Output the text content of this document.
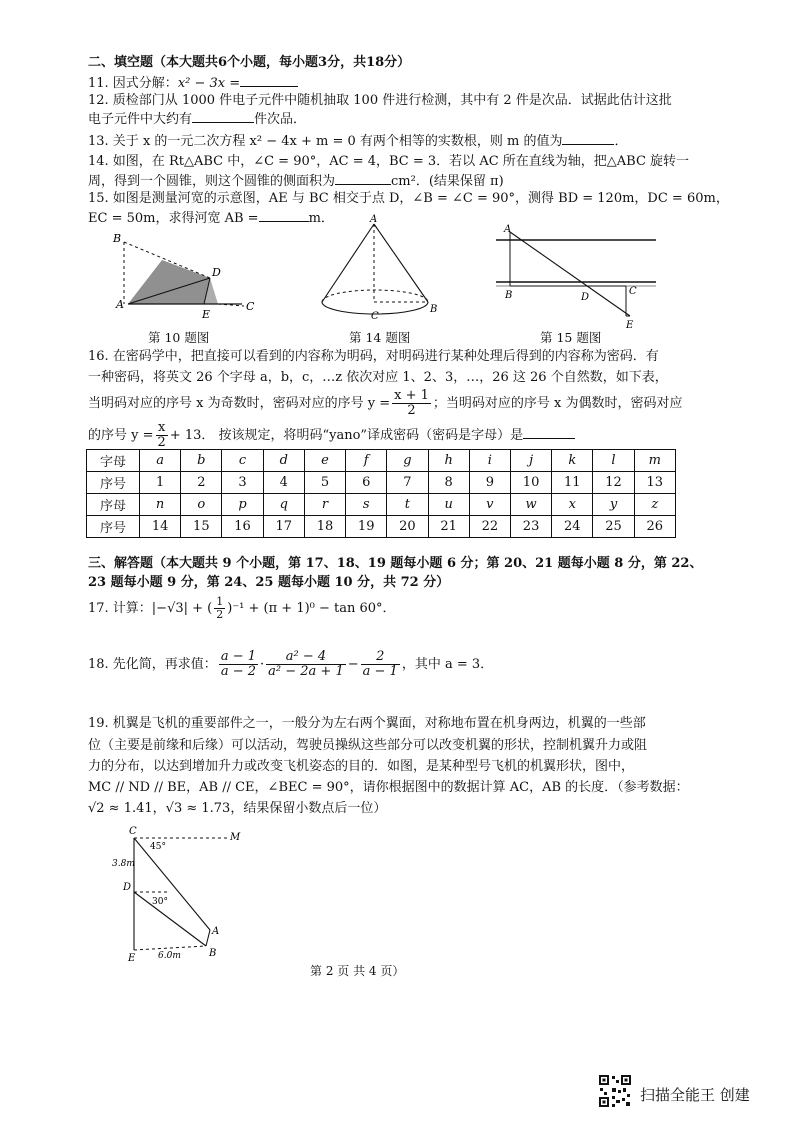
二、填空题（本大题共6个小题，每小题3分，共18分）
11. 因式分解：x² − 3x =
12. 质检部门从 1000 件电子元件中随机抽取 100 件进行检测，其中有 2 件是次品．试据此估计这批
电子元件中大约有	件次品．
13. 关于 x 的一元二次方程 x² − 4x + m = 0 有两个相等的实数根，则 m 的值为	．
14. 如图，在 Rt△ABC 中，∠C = 90°，AC = 4，BC = 3．若以 AC 所在直线为轴，把△ABC 旋转一
周，得到一个圆锥，则这个圆锥的侧面积为	cm²．(结果保留 π)
15. 如图是测量河宽的示意图，AE 与 BC 相交于点 D，∠B = ∠C = 90°，测得 BD = 120m，DC = 60m，
EC = 50m，求得河宽 AB =	m．
B
D
A
E
C
第 10 题图
A
C
B
第 14 题图
A
B	D
C
E
第 15 题图
16. 在密码学中，把直接可以看到的内容称为明码，对明码进行某种处理后得到的内容称为密码．有
一种密码，将英文 26 个字母 a，b，c，…z 依次对应 1、2、3，…，26 这 26 个自然数，如下表，
当明码对应的序号 x 为奇数时，密码对应的序号 $y = \frac{x + 1}{2}$ ；当明码对应的序号 x 为偶数时，密码对应
的序号 $y = \frac{x}{2} + 13$． 按该规定，将明码“yano”译成密码（密码是字母）是
字母	a	b	c	d	e	f	g	h	i	j	k	l	m
序号	1	2	3	4	5	6	7	8	9	10	11	12	13
序母	n	o	p	q	r	s	t	u	v	w	x	y	z
序号	14	15	16	17	18	19	20	21	22	23	24	25	26
三、解答题（本大题共 9 个小题，第 17、18、19 题每小题 6 分；第 20、21 题每小题 8 分，第 22、
23 题每小题 9 分，第 24、25 题每小题 10 分，共 72 分）
17. 计算：|−√3| + ( $\frac{1}{2} )^{-1} + (\pi + 1)^0 - \tan 60^\circ$．
18. 先化简，再求值： $\frac{a - 1}{a - 2} \cdot \frac{\text{a² − 4}}{\text{a² − 2a + 1}} - \frac{2}{a - 1}$ ，其中 a = 3．
19. 机翼是飞机的重要部件之一，一般分为左右两个翼面，对称地布置在机身两边，机翼的一些部
位（主要是前缘和后缘）可以活动，驾驶员操纵这些部分可以改变机翼的形状，控制机翼升力或阻
力的分布，以达到增加升力或改变飞机姿态的目的．如图，是某种型号飞机的机翼形状，图中，
MC // ND // BE，AB // CE，∠BEC = 90°，请你根据图中的数据计算 AC，AB 的长度．（参考数据：
√2 ≈ 1.41，√3 ≈ 1.73，结果保留小数点后一位）
C
M
45°
3.8m
D
30°
A
E	6.0m	B
第 2 页 共 4 页）
扫描全能王 创建
